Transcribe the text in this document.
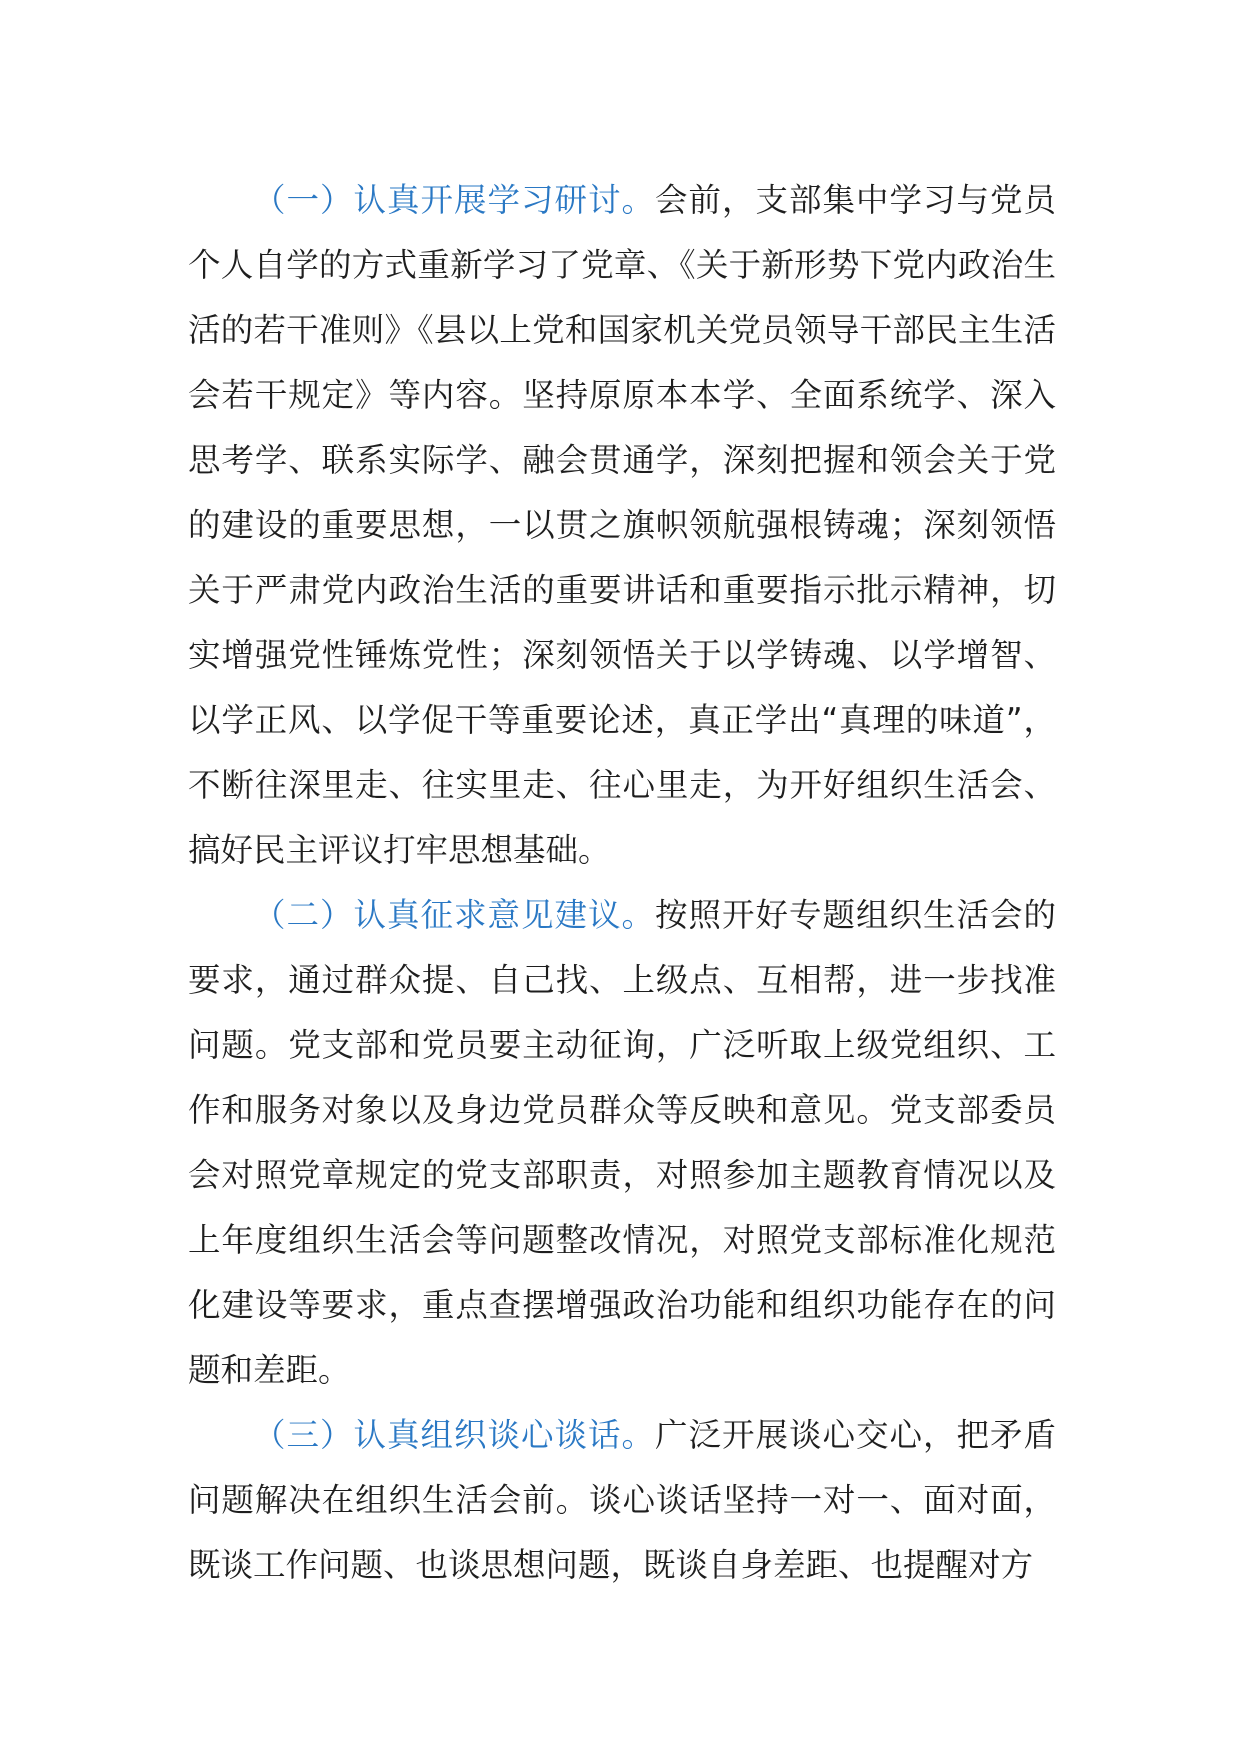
（一）认真开展学习研讨。会前，支部集中学习与党员个人自学的方式重新学习了党章、《关于新形势下党内政治生活的若干准则》《县以上党和国家机关党员领导干部民主生活会若干规定》等内容。坚持原原本本学、全面系统学、深入思考学、联系实际学、融会贯通学，深刻把握和领会关于党的建设的重要思想，一以贯之旗帜领航强根铸魂；深刻领悟关于严肃党内政治生活的重要讲话和重要指示批示精神，切实增强党性锤炼党性；深刻领悟关于以学铸魂、以学增智、以学正风、以学促干等重要论述，真正学出“真理的味道”，不断往深里走、往实里走、往心里走，为开好组织生活会、搞好民主评议打牢思想基础。

（二）认真征求意见建议。按照开好专题组织生活会的要求，通过群众提、自己找、上级点、互相帮，进一步找准问题。党支部和党员要主动征询，广泛听取上级党组织、工作和服务对象以及身边党员群众等反映和意见。党支部委员会对照党章规定的党支部职责，对照参加主题教育情况以及上年度组织生活会等问题整改情况，对照党支部标准化规范化建设等要求，重点查摆增强政治功能和组织功能存在的问题和差距。

（三）认真组织谈心谈话。广泛开展谈心交心，把矛盾问题解决在组织生活会前。谈心谈话坚持一对一、面对面，既谈工作问题、也谈思想问题，既谈自身差距、也提醒对方
